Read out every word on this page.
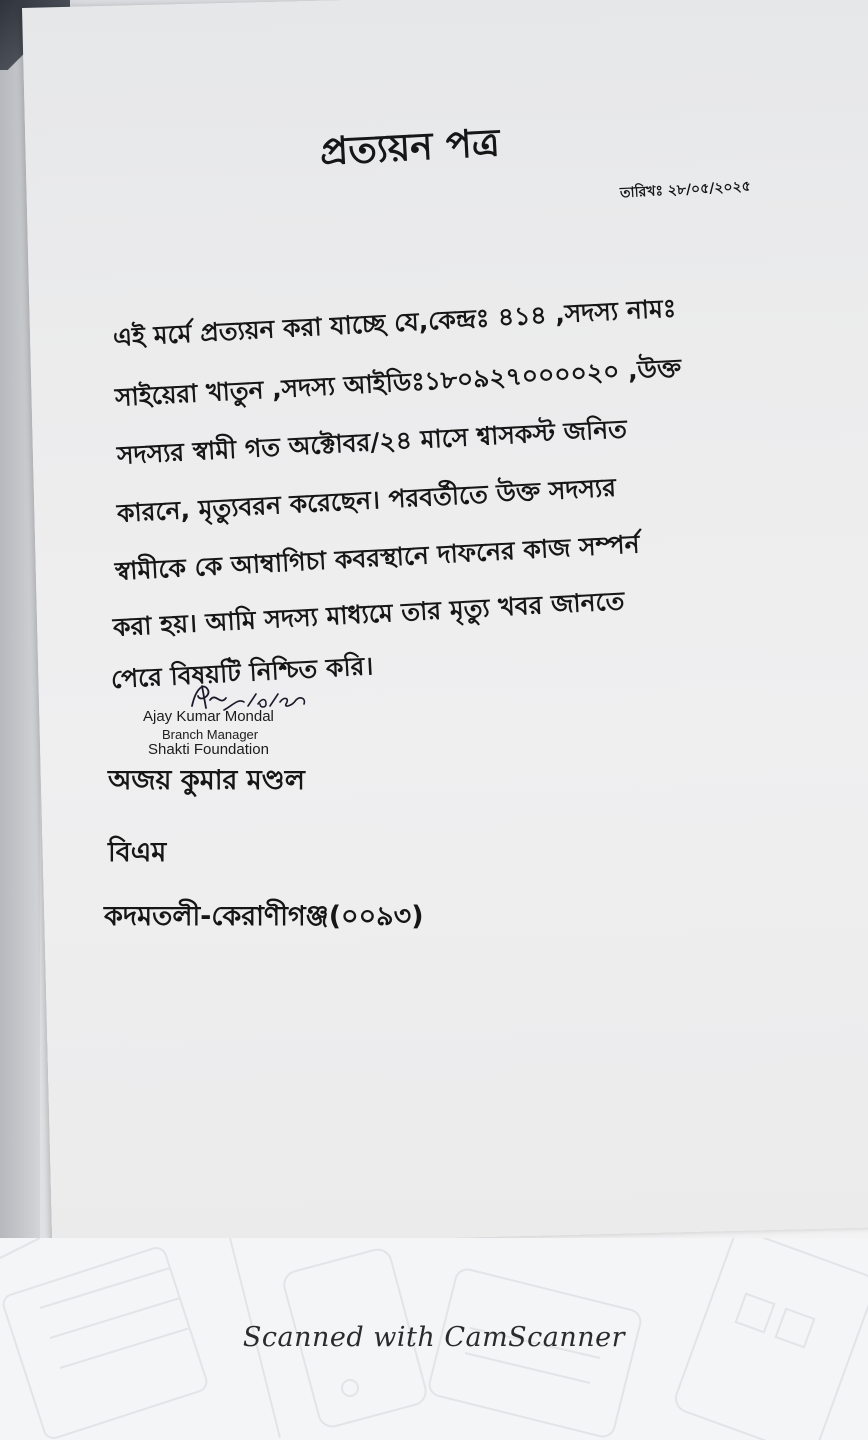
প্রত্যয়ন পত্র
তারিখঃ ২৮/০৫/২০২৫
এই মর্মে প্রত্যয়ন করা যাচ্ছে যে,কেন্দ্রঃ ৪১৪ ,সদস্য নামঃ
সাইয়েরা খাতুন ,সদস্য আইডিঃ১৮০৯২৭০০০০২০ ,উক্ত
সদস্যর স্বামী গত অক্টোবর/২৪ মাসে শ্বাসকস্ট জনিত
কারনে, মৃত্যুবরন করেছেন। পরবর্তীতে উক্ত সদস্যর
স্বামীকে কে আম্বাগিচা কবরস্থানে দাফনের কাজ সম্পর্ন
করা হয়। আমি সদস্য মাধ্যমে তার মৃত্যু খবর জানতে
পেরে বিষয়টি নিশ্চিত করি।
Ajay Kumar Mondal
Branch Manager
Shakti Foundation
অজয় কুমার মণ্ডল
বিএম
কদমতলী-কেরাণীগঞ্জ(০০৯৩)
Scanned with CamScanner
